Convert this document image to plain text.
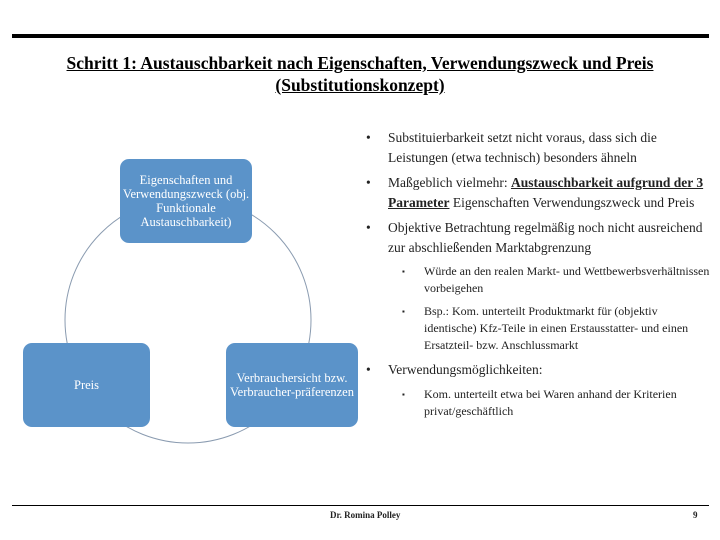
Schritt 1: Austauschbarkeit nach Eigenschaften, Verwendungszweck und Preis
(Substitutionskonzept)
Eigenschaften und Verwendungszweck (obj. Funktionale Austauschbarkeit)
Preis	Verbrauchersicht bzw. Verbraucher-präferenzen
• Substituierbarkeit setzt nicht voraus, dass sich die Leistungen (etwa technisch) besonders ähneln
• Maßgeblich vielmehr: Austauschbarkeit aufgrund der 3 Parameter Eigenschaften Verwendungszweck und Preis
• Objektive Betrachtung regelmäßig noch nicht ausreichend zur abschließenden Marktabgrenzung
▪ Würde an den realen Markt- und Wettbewerbsverhältnissen vorbeigehen
▪ Bsp.: Kom. unterteilt Produktmarkt für (objektiv identische) Kfz-Teile in einen Erstausstatter- und einen Ersatzteil- bzw. Anschlussmarkt
• Verwendungsmöglichkeiten:
▪ Kom. unterteilt etwa bei Waren anhand der Kriterien privat/geschäftlich
Dr. Romina Polley	9
